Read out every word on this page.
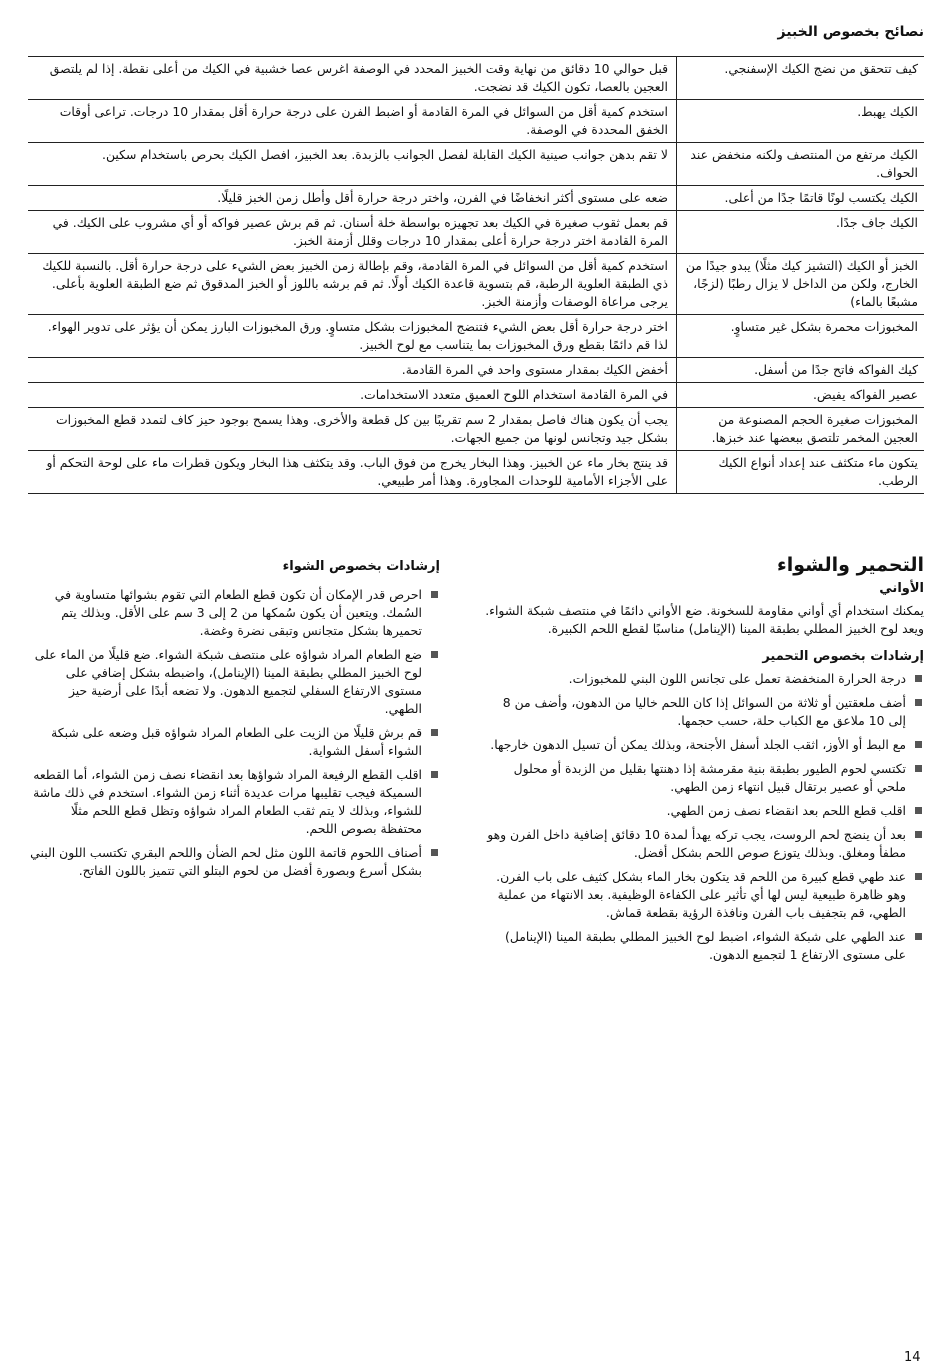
نصائح بخصوص الخبيز
كيف تتحقق من نضج الكيك الإسفنجي.	قبل حوالي 10 دقائق من نهاية وقت الخبيز المحدد في الوصفة اغرس عصا خشبية في الكيك من أعلى نقطة. إذا لم يلتصق العجين بالعصا، تكون الكيك قد نضجت.
الكيك يهبط.	استخدم كمية أقل من السوائل في المرة القادمة أو اضبط الفرن على درجة حرارة أقل بمقدار 10 درجات. تراعى أوقات الخفق المحددة في الوصفة.
الكيك مرتفع من المنتصف ولكنه منخفض عند الحواف.	لا تقم بدهن جوانب صينية الكيك القابلة لفصل الجوانب بالزبدة. بعد الخبيز، افصل الكيك بحرص باستخدام سكين.
الكيك يكتسب لونًا قاتمًا جدًا من أعلى.	ضعه على مستوى أكثر انخفاضًا في الفرن، واختر درجة حرارة أقل وأطل زمن الخبز قليلًا.
الكيك جاف جدًا.	قم بعمل ثقوب صغيرة في الكيك بعد تجهيزه بواسطة خلة أسنان. ثم قم برش عصير فواكه أو أي مشروب على الكيك. في المرة القادمة اختر درجة حرارة أعلى بمقدار 10 درجات وقلل أزمنة الخبز.
الخبز أو الكيك (التشيز كيك مثلًا) يبدو جيدًا من الخارج، ولكن من الداخل لا يزال رطبًا (لزجًا، مشبعًا بالماء)	استخدم كمية أقل من السوائل في المرة القادمة، وقم بإطالة زمن الخبيز بعض الشيء على درجة حرارة أقل. بالنسبة للكيك ذي الطبقة العلوية الرطبة، قم بتسوية قاعدة الكيك أولًا. ثم قم برشه باللوز أو الخبز المدقوق ثم ضع الطبقة العلوية بأعلى. يرجى مراعاة الوصفات وأزمنة الخبز.
المخبوزات محمرة بشكل غير متساوٍ.	اختر درجة حرارة أقل بعض الشيء فتنضج المخبوزات بشكل متساوٍ. ورق المخبوزات البارز يمكن أن يؤثر على تدوير الهواء. لذا قم دائمًا بقطع ورق المخبوزات بما يتناسب مع لوح الخبيز.
كيك الفواكه فاتح جدًا من أسفل.	أخفض الكيك بمقدار مستوى واحد في المرة القادمة.
عصير الفواكه يفيض.	في المرة القادمة استخدام اللوح العميق متعدد الاستخدامات.
المخبوزات صغيرة الحجم المصنوعة من العجين المخمر تلتصق ببعضها عند خبزها.	يجب أن يكون هناك فاصل بمقدار 2 سم تقريبًا بين كل قطعة والأخرى. وهذا يسمح بوجود حيز كاف لتمدد قطع المخبوزات بشكل جيد وتجانس لونها من جميع الجهات.
يتكون ماء متكثف عند إعداد أنواع الكيك الرطب.	قد ينتج بخار ماء عن الخبيز. وهذا البخار يخرج من فوق الباب. وقد يتكثف هذا البخار ويكون قطرات ماء على لوحة التحكم أو على الأجزاء الأمامية للوحدات المجاورة. وهذا أمر طبيعي.
التحمير والشواء
الأواني

يمكنك استخدام أي أواني مقاومة للسخونة. ضع الأواني دائمًا في منتصف شبكة الشواء. ويعد لوح الخبيز المطلي بطبقة المينا (الإينامل) مناسبًا لقطع اللحم الكبيرة.

إرشادات بخصوص التحمير
درجة الحرارة المنخفضة تعمل على تجانس اللون البني للمخبوزات.
أضف ملعقتين أو ثلاثة من السوائل إذا كان اللحم خاليا من الدهون، وأضف من 8 إلى 10 ملاعق مع الكباب حلة، حسب حجمها.
مع البط أو الأوز، اثقب الجلد أسفل الأجنحة، وبذلك يمكن أن تسيل الدهون خارجها.
تكتسي لحوم الطيور بطبقة بنية مقرمشة إذا دهنتها بقليل من الزبدة أو محلول ملحي أو عصير برتقال قبيل انتهاء زمن الطهي.
اقلب قطع اللحم بعد انقضاء نصف زمن الطهي.
بعد أن ينضج لحم الروست، يجب تركه يهدأ لمدة 10 دقائق إضافية داخل الفرن وهو مطفأ ومغلق. وبذلك يتوزع صوص اللحم بشكل أفضل.
عند طهي قطع كبيرة من اللحم قد يتكون بخار الماء بشكل كثيف على باب الفرن. وهو ظاهرة طبيعية ليس لها أي تأثير على الكفاءة الوظيفية. بعد الانتهاء من عملية الطهي، قم بتجفيف باب الفرن ونافذة الرؤية بقطعة قماش.
عند الطهي على شبكة الشواء، اضبط لوح الخبيز المطلي بطبقة المينا (الإينامل) على مستوى الارتفاع 1 لتجميع الدهون.
إرشادات بخصوص الشواء
احرص قدر الإمكان أن تكون قطع الطعام التي تقوم بشوائها متساوية في السُمك. ويتعين أن يكون سُمكها من 2 إلى 3 سم على الأقل. وبذلك يتم تحميرها بشكل متجانس وتبقى نضرة وغضة.
ضع الطعام المراد شواؤه على منتصف شبكة الشواء. ضع قليلًا من الماء على لوح الخبيز المطلي بطبقة المينا (الإينامل)، واضبطه بشكل إضافي على مستوى الارتفاع السفلي لتجميع الدهون. ولا تضعه أبدًا على أرضية حيز الطهي.
قم برش قليلًا من الزيت على الطعام المراد شواؤه قبل وضعه على شبكة الشواء أسفل الشواية.
اقلب القطع الرفيعة المراد شواؤها بعد انقضاء نصف زمن الشواء، أما القطعه السميكة فيجب تقليبها مرات عديدة أثناء زمن الشواء. استخدم في ذلك ماشة للشواء، وبذلك لا يتم ثقب الطعام المراد شواؤه وتظل قطع اللحم مثلًا محتفظة بصوص اللحم.
أصناف اللحوم قاتمة اللون مثل لحم الضأن واللحم البقري تكتسب اللون البني بشكل أسرع وبصورة أفضل من لحوم البتلو التي تتميز باللون الفاتح.
14
